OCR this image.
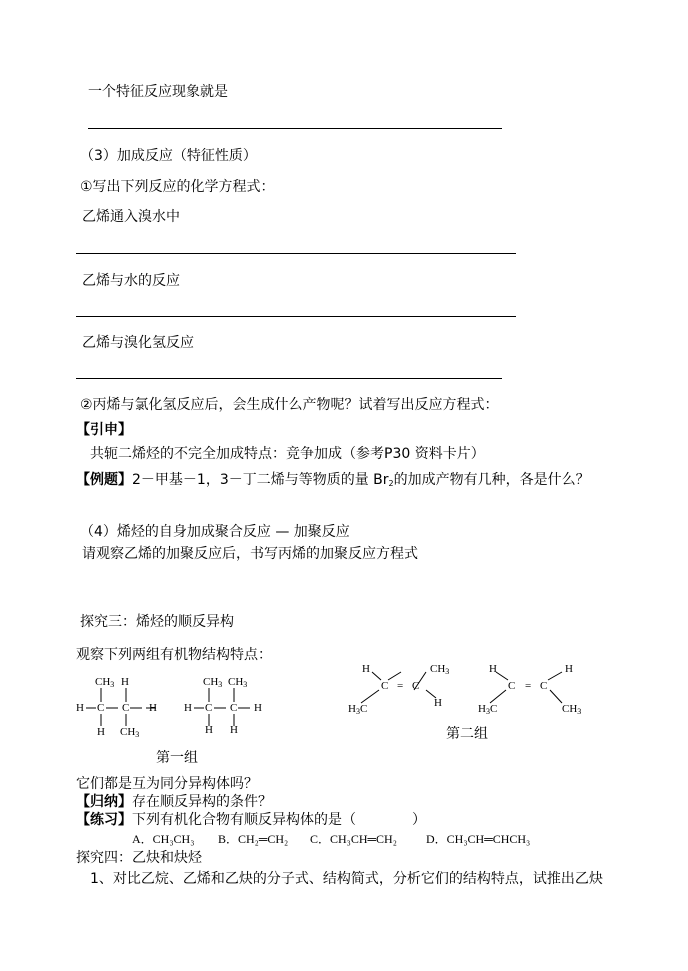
一个特征反应现象就是
（3）加成反应（特征性质）
①写出下列反应的化学方程式：
乙烯通入溴水中
乙烯与水的反应
乙烯与溴化氢反应
②丙烯与氯化氢反应后，会生成什么产物呢？试着写出反应方程式：
【引申】
共轭二烯烃的不完全加成特点：竞争加成（参考P30 资料卡片）
【例题】2－甲基－1，3－丁二烯与等物质的量 $Br_2$的加成产物有几种，各是什么？
（4）烯烃的自身加成聚合反应 — 加聚反应
请观察乙烯的加聚反应后，书写丙烯的加聚反应方程式
探究三：烯烃的顺反异构
观察下列两组有机物结构特点：
$CH_3$ H
H C C H
H $CH_3$
$CH_3$ $CH_3$
H C C H
H H
第一组
H	$CH_3$
C = C
$H_3C$	H
H	H
C = C
$H_3C$	$CH_3$
第二组
它们都是互为同分异构体吗？
【归纳】存在顺反异构的条件？
【练习】下列有机化合物有顺反异构体的是（　　　　）
A．CH₃CH₃ B．CH₂═CH₂ C．CH₃CH═CH₂ D．CH₃CH═CHCH₃
探究四：乙炔和炔烃
1、对比乙烷、乙烯和乙炔的分子式、结构简式，分析它们的结构特点，试推出乙炔
